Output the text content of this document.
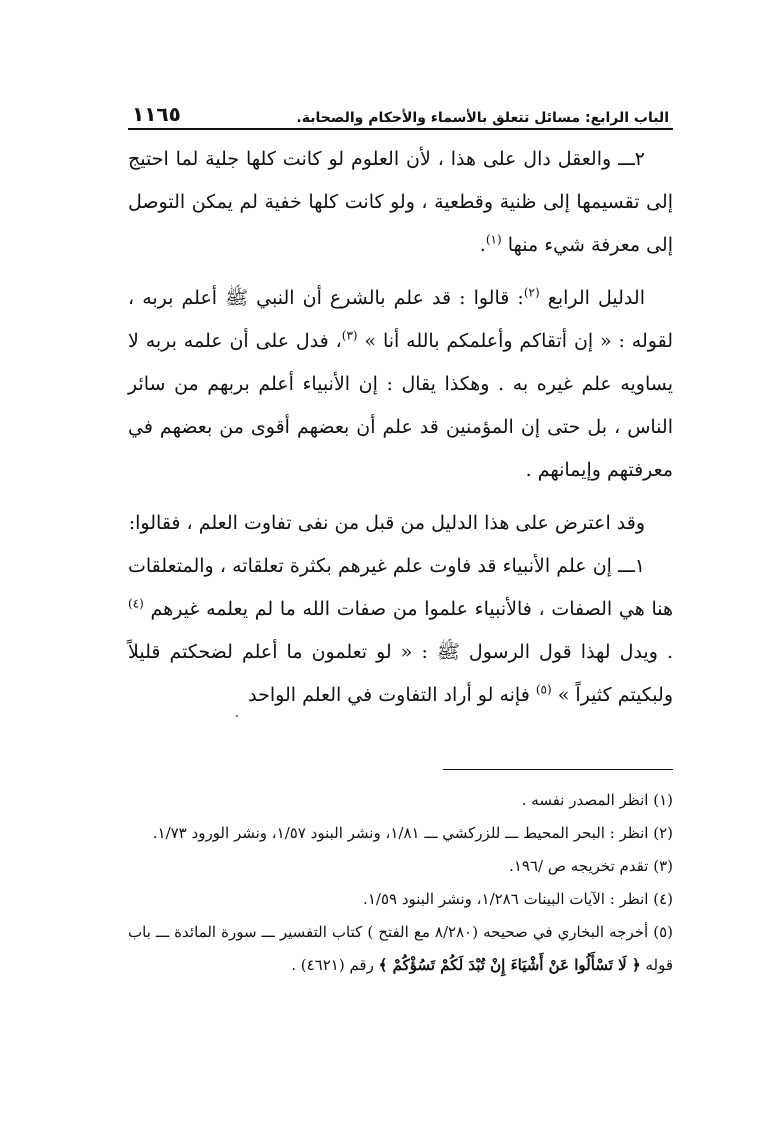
الباب الرابع: مسائل تتعلق بالأسماء والأحكام والصحابة.
١١٦٥

٢ـــ والعقل دال على هذا ، لأن العلوم لو كانت كلها جلية لما احتيج إلى تقسيمها إلى ظنية وقطعية ، ولو كانت كلها خفية لم يمكن التوصل إلى معرفة شيء منها $^{(١)}$.

الدليل الرابع $^{(٢)}$: قالوا : قد علم بالشرع أن النبي ﷺ أعلم بربه ، لقوله : « إن أتقاكم وأعلمكم بالله أنا » $^{(٣)}$، فدل على أن علمه بربه لا يساويه علم غيره به . وهكذا يقال : إن الأنبياء أعلم بربهم من سائر الناس ، بل حتى إن المؤمنين قد علم أن بعضهم أقوى من بعضهم في معرفتهم وإيمانهم .

وقد اعترض على هذا الدليل من قبل من نفى تفاوت العلم ، فقالوا:

١ـــ إن علم الأنبياء قد فاوت علم غيرهم بكثرة تعلقاته ، والمتعلقات هنا هي الصفات ، فالأنبياء علموا من صفات الله ما لم يعلمه غيرهم $^{(٤)}$ . ويدل لهذا قول الرسول ﷺ : « لو تعلمون ما أعلم لضحكتم قليلاً ولبكيتم كثيراً » $^{(٥)}$ فإنه لو أراد التفاوت في العلم الواحد

(١) انظر المصدر نفسه .

(٢) انظر : البحر المحيط ـــ للزركشي ـــ ١/٨١، ونشر البنود ١/٥٧، ونشر الورود ١/٧٣.

(٣) تقدم تخريجه ص /١٩٦.

(٤) انظر : الآيات البينات ١/٢٨٦، ونشر البنود ١/٥٩.

(٥) أخرجه البخاري في صحيحه (٨/٢٨٠ مع الفتح ) كتاب التفسير ـــ سورة المائدة ـــ باب قوله ﴿ لَا تَسْأَلُوا عَنْ أَشْيَاءَ إِنْ تُبْدَ لَكُمْ تَسُؤْكُمْ ﴾ رقم (٤٦٢١) .
